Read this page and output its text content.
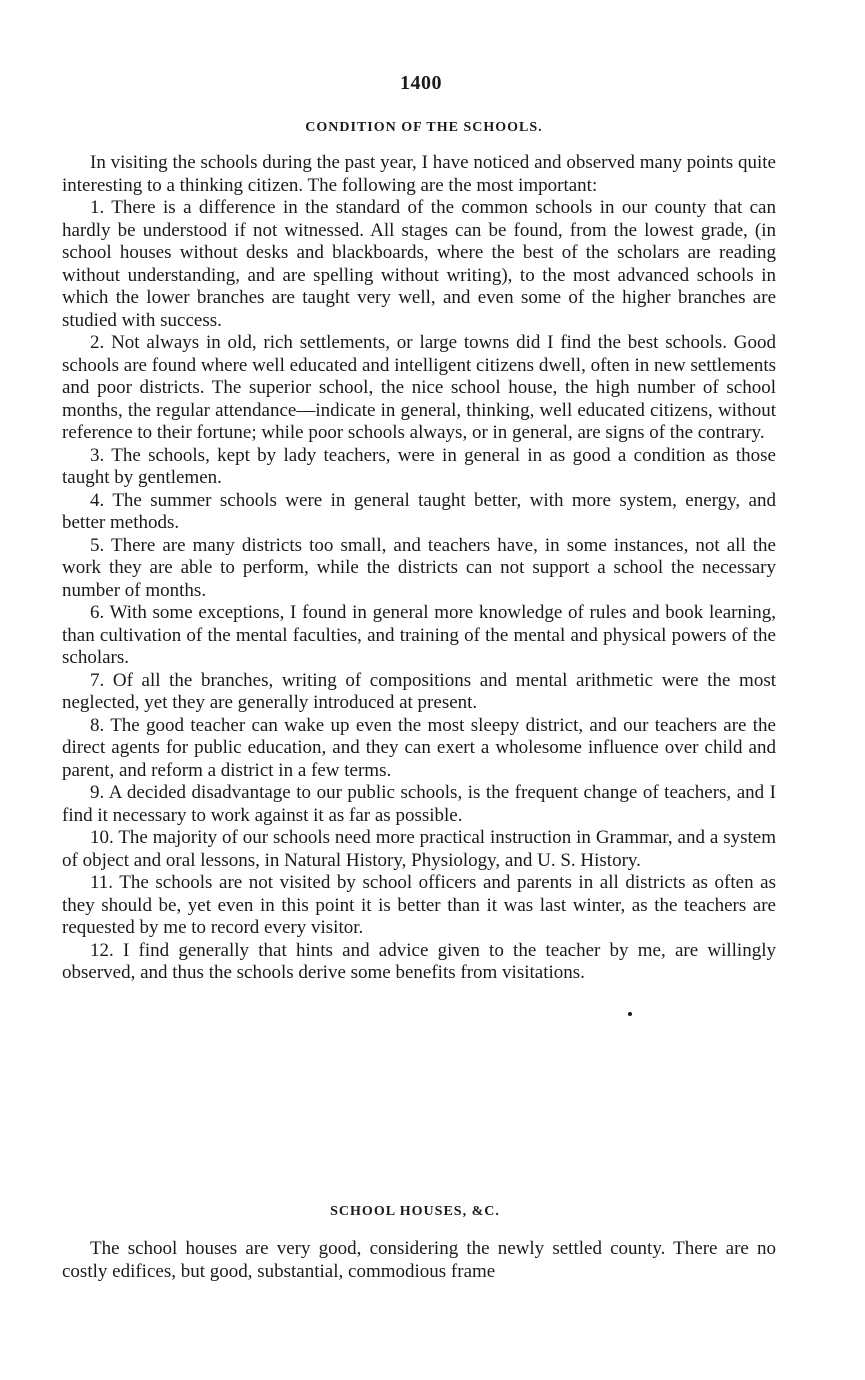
1400
CONDITION OF THE SCHOOLS.

In visiting the schools during the past year, I have noticed and observed many points quite interesting to a thinking citizen. The following are the most important:

1. There is a difference in the standard of the common schools in our county that can hardly be understood if not witnessed. All stages can be found, from the lowest grade, (in school houses without desks and blackboards, where the best of the scholars are reading without understanding, and are spelling without writing), to the most advanced schools in which the lower branches are taught very well, and even some of the higher branches are studied with success.

2. Not always in old, rich settlements, or large towns did I find the best schools. Good schools are found where well educated and intelligent citizens dwell, often in new settlements and poor districts. The superior school, the nice school house, the high number of school months, the regular attendance—indicate in general, thinking, well educated citizens, without reference to their fortune; while poor schools always, or in general, are signs of the contrary.

3. The schools, kept by lady teachers, were in general in as good a condition as those taught by gentlemen.

4. The summer schools were in general taught better, with more system, energy, and better methods.

5. There are many districts too small, and teachers have, in some instances, not all the work they are able to perform, while the districts can not support a school the necessary number of months.

6. With some exceptions, I found in general more knowledge of rules and book learning, than cultivation of the mental faculties, and training of the mental and physical powers of the scholars.

7. Of all the branches, writing of compositions and mental arithmetic were the most neglected, yet they are generally introduced at present.

8. The good teacher can wake up even the most sleepy district, and our teachers are the direct agents for public education, and they can exert a wholesome influence over child and parent, and reform a district in a few terms.

9. A decided disadvantage to our public schools, is the frequent change of teachers, and I find it necessary to work against it as far as possible.

10. The majority of our schools need more practical instruction in Grammar, and a system of object and oral lessons, in Natural History, Physiology, and U. S. History.

11. The schools are not visited by school officers and parents in all districts as often as they should be, yet even in this point it is better than it was last winter, as the teachers are requested by me to record every visitor.

12. I find generally that hints and advice given to the teacher by me, are willingly observed, and thus the schools derive some benefits from visitations.

SCHOOL HOUSES, &C.

The school houses are very good, considering the newly settled county. There are no costly edifices, but good, substantial, commodious frame
